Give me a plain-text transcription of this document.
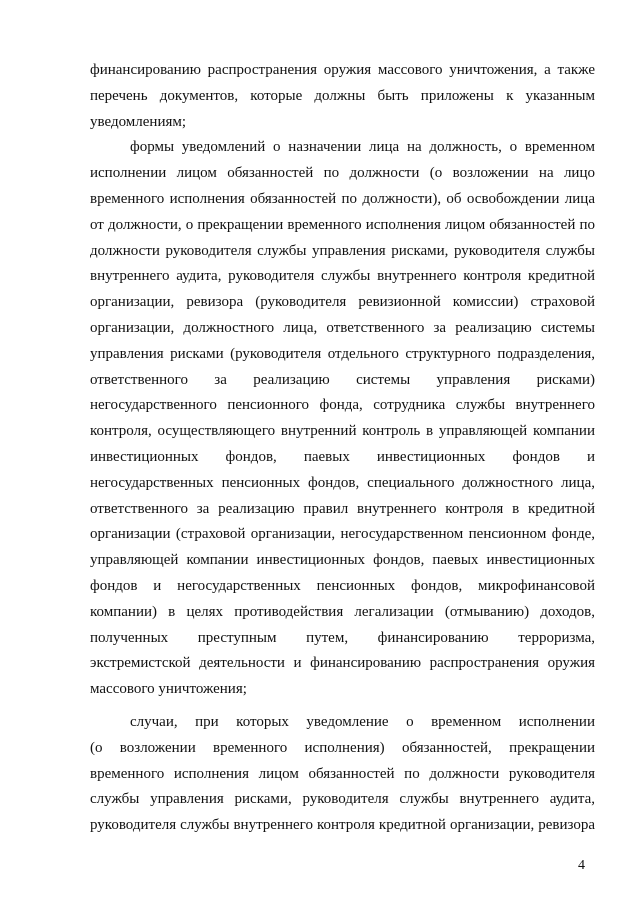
финансированию распространения оружия массового уничтожения, а также
перечень документов, которые должны быть приложены к указанным
уведомлениям;
формы уведомлений о назначении лица на должность, о временном
исполнении лицом обязанностей по должности (о возложении на лицо
временного исполнения обязанностей по должности), об освобождении лица
от должности, о прекращении временного исполнения лицом обязанностей по
должности руководителя службы управления рисками, руководителя службы
внутреннего аудита, руководителя службы внутреннего контроля кредитной
организации, ревизора (руководителя ревизионной комиссии) страховой
организации, должностного лица, ответственного за реализацию системы
управления рисками (руководителя отдельного структурного подразделения,
ответственного за реализацию системы управления рисками)
негосударственного пенсионного фонда, сотрудника службы внутреннего
контроля, осуществляющего внутренний контроль в управляющей компании
инвестиционных фондов, паевых инвестиционных фондов и
негосударственных пенсионных фондов, специального должностного лица,
ответственного за реализацию правил внутреннего контроля в кредитной
организации (страховой организации, негосударственном пенсионном фонде,
управляющей компании инвестиционных фондов, паевых инвестиционных
фондов и негосударственных пенсионных фондов, микрофинансовой
компании) в целях противодействия легализации (отмыванию) доходов,
полученных преступным путем, финансированию терроризма,
экстремистской деятельности и финансированию распространения оружия
массового уничтожения;
случаи, при которых уведомление о временном исполнении
(о возложении временного исполнения) обязанностей, прекращении
временного исполнения лицом обязанностей по должности руководителя
службы управления рисками, руководителя службы внутреннего аудита,
руководителя службы внутреннего контроля кредитной организации, ревизора
4
